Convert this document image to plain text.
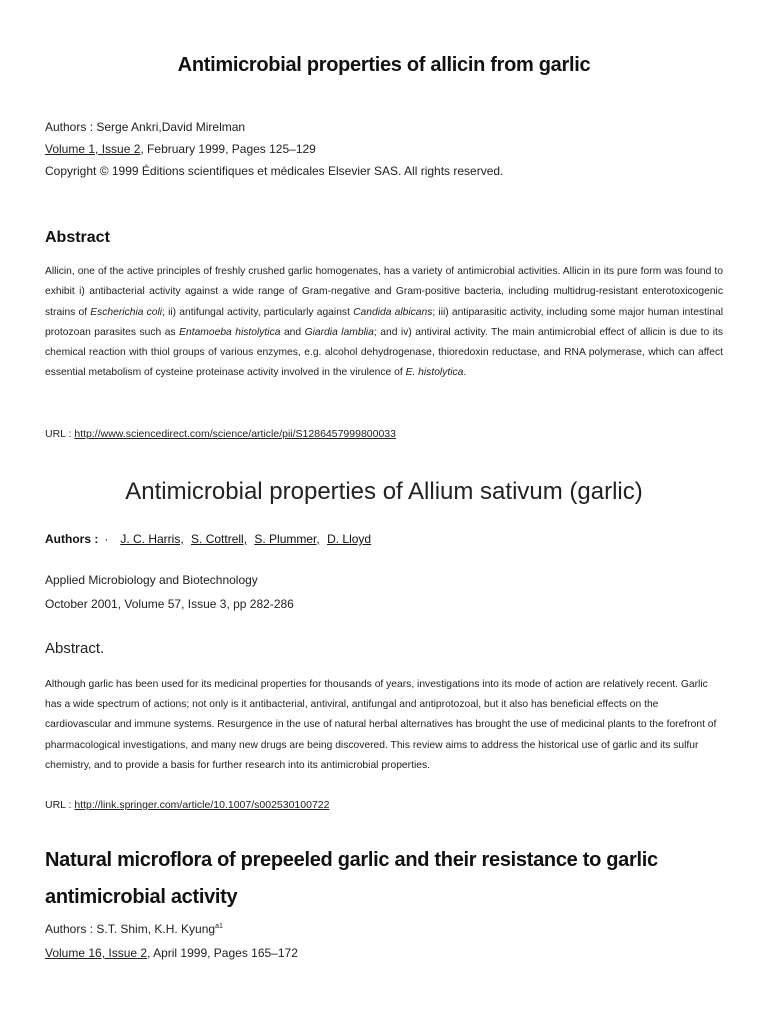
Antimicrobial properties of allicin from garlic
Authors : Serge Ankri,David Mirelman
Volume 1, Issue 2, February 1999, Pages 125–129
Copyright © 1999 Éditions scientifiques et médicales Elsevier SAS. All rights reserved.
Abstract
Allicin, one of the active principles of freshly crushed garlic homogenates, has a variety of antimicrobial activities. Allicin in its pure form was found to exhibit i) antibacterial activity against a wide range of Gram-negative and Gram-positive bacteria, including multidrug-resistant enterotoxicogenic strains of Escherichia coli; ii) antifungal activity, particularly against Candida albicans; iii) antiparasitic activity, including some major human intestinal protozoan parasites such as Entamoeba histolytica and Giardia lamblia; and iv) antiviral activity. The main antimicrobial effect of allicin is due to its chemical reaction with thiol groups of various enzymes, e.g. alcohol dehydrogenase, thioredoxin reductase, and RNA polymerase, which can affect essential metabolism of cysteine proteinase activity involved in the virulence of E. histolytica.
URL : http://www.sciencedirect.com/science/article/pii/S1286457999800033
Antimicrobial properties of Allium sativum (garlic)
Authors : · J. C. Harris, S. Cottrell, S. Plummer, D. Lloyd
Applied Microbiology and Biotechnology
October 2001, Volume 57, Issue 3, pp 282-286
Abstract.
Although garlic has been used for its medicinal properties for thousands of years, investigations into its mode of action are relatively recent. Garlic has a wide spectrum of actions; not only is it antibacterial, antiviral, antifungal and antiprotozoal, but it also has beneficial effects on the cardiovascular and immune systems. Resurgence in the use of natural herbal alternatives has brought the use of medicinal plants to the forefront of pharmacological investigations, and many new drugs are being discovered. This review aims to address the historical use of garlic and its sulfur chemistry, and to provide a basis for further research into its antimicrobial properties.
URL : http://link.springer.com/article/10.1007/s002530100722
Natural microflora of prepeeled garlic and their resistance to garlic antimicrobial activity
Authors : S.T. Shim, K.H. Kyung$^{a1}$
Volume 16, Issue 2, April 1999, Pages 165–172
